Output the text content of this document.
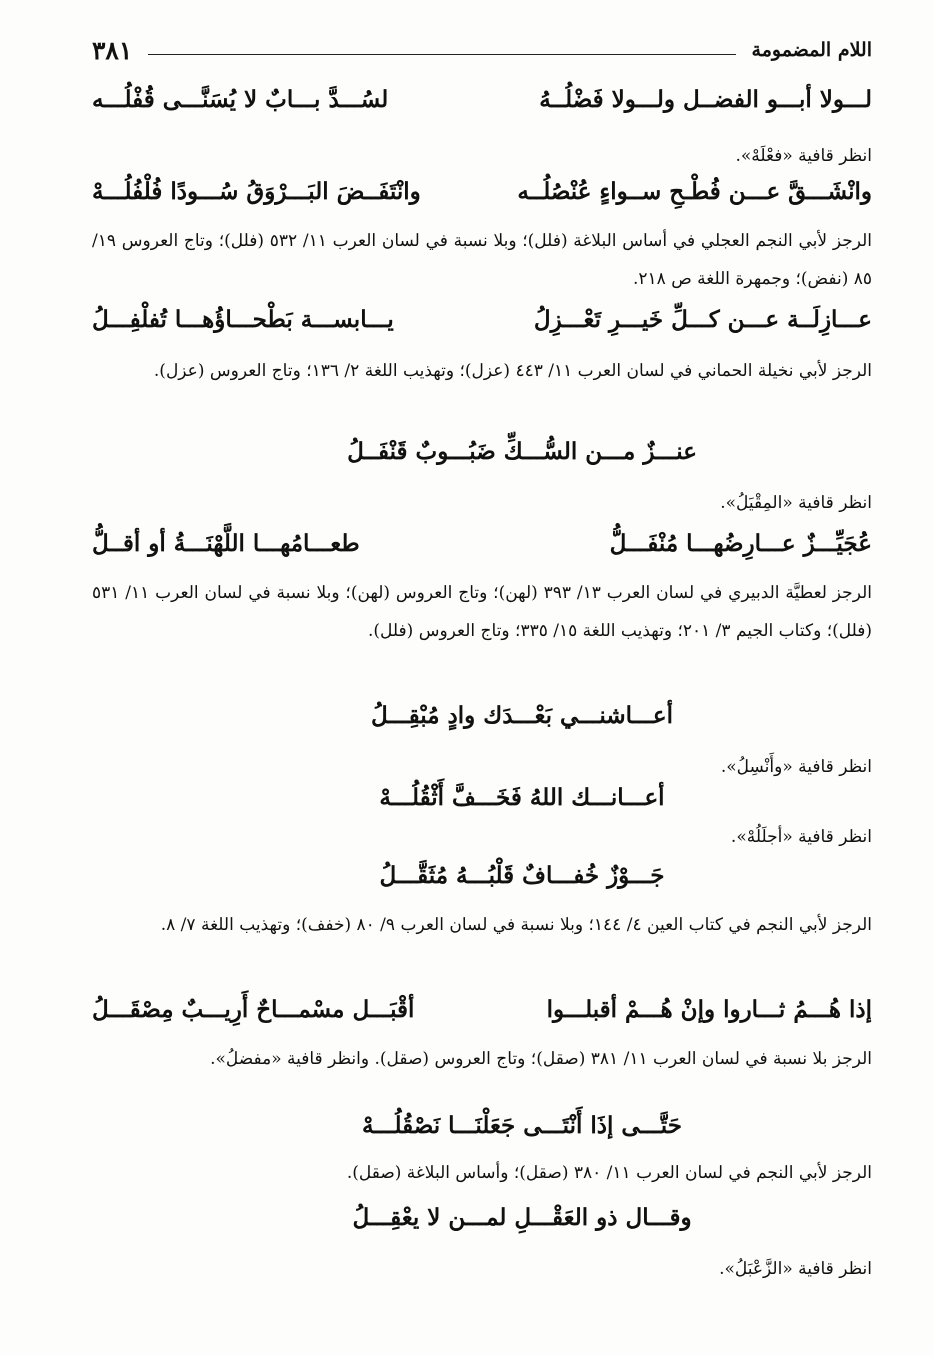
اللام المضمومة
٣٨١
لـــولا أبـــو الفضــل ولـــولا فَضْلُــهُ
لسُـــدَّ بـــابٌ لا يُسَنَّـــى قُفْلُـــه
انظر قافية «فعْلَهْ».
وانْشَـــقَّ عـــن فُطْـحِ ســواءٍ عُنْصُلُــه
وانْتَفَــضَ البَـــرْوَقُ سُـــودًا فُلْفُلُـــهْ
الرجز لأبي النجم العجلي في أساس البلاغة (فلل)؛ وبلا نسبة في لسان العرب ١١/ ٥٣٢ (فلل)؛ وتاج العروس ١٩/ ٨٥ (نفض)؛ وجمهرة اللغة ص ٢١٨.
عـــازِلَــة عـــن كـــلِّ خَيـــرِ تَعْـــزِلُ
يـــابســـة بَطْحـــاؤُهـــا تُفلْفِـــلُ
الرجز لأبي نخيلة الحماني في لسان العرب ١١/ ٤٤٣ (عزل)؛ وتهذيب اللغة ٢/ ١٣٦؛ وتاج العروس (عزل).
عنـــزٌ مـــن السُّـــكِّ ضَبُـــوبٌ قَنْفَــلُ
انظر قافية «المِقْيَلُ».
عُجَيِّـــزٌ عـــارِضُهـــا مُنْفَـــلُّ
طعـــامُهـــا اللَّهْنَـــةُ أو أقــلُّ
الرجز لعطيَّة الدبيري في لسان العرب ١٣/ ٣٩٣ (لهن)؛ وتاج العروس (لهن)؛ وبلا نسبة في لسان العرب ١١/ ٥٣١ (فلل)؛ وكتاب الجيم ٣/ ٢٠١؛ وتهذيب اللغة ١٥/ ٣٣٥؛ وتاج العروس (فلل).
أعـــاشنـــي بَعْـــدَك وادٍ مُبْقِـــلُ
انظر قافية «وأَنْسِلُ».
أعـــانـــك اللهُ فَخَـــفَّ أَثْقُلُـــهْ
انظر قافية «أجلَلُهْ».
جَـــوْزٌ خُفـــافٌ قَلْبُـــهُ مُثَقَّـــلُ
الرجز لأبي النجم في كتاب العين ٤/ ١٤٤؛ وبلا نسبة في لسان العرب ٩/ ٨٠ (خفف)؛ وتهذيب اللغة ٧/ ٨.
إذا هُـــمُ ثـــاروا وإنْ هُـــمْ أقبلـــوا
أقْبَـــل مسْمـــاحٌ أَرِيـــبٌ مِصْقَـــلُ
الرجز بلا نسبة في لسان العرب ١١/ ٣٨١ (صقل)؛ وتاج العروس (صقل). وانظر قافية «مفضلُ».
حَتَّـــى إذَا أَنْتَـــى جَعَلْنَـــا نَصْقُلُـــهْ
الرجز لأبي النجم في لسان العرب ١١/ ٣٨٠ (صقل)؛ وأساس البلاغة (صقل).
وقـــال ذو العَقْـــلِ لمـــن لا يعْقِـــلُ
انظر قافية «الزَّعْبَلُ».
